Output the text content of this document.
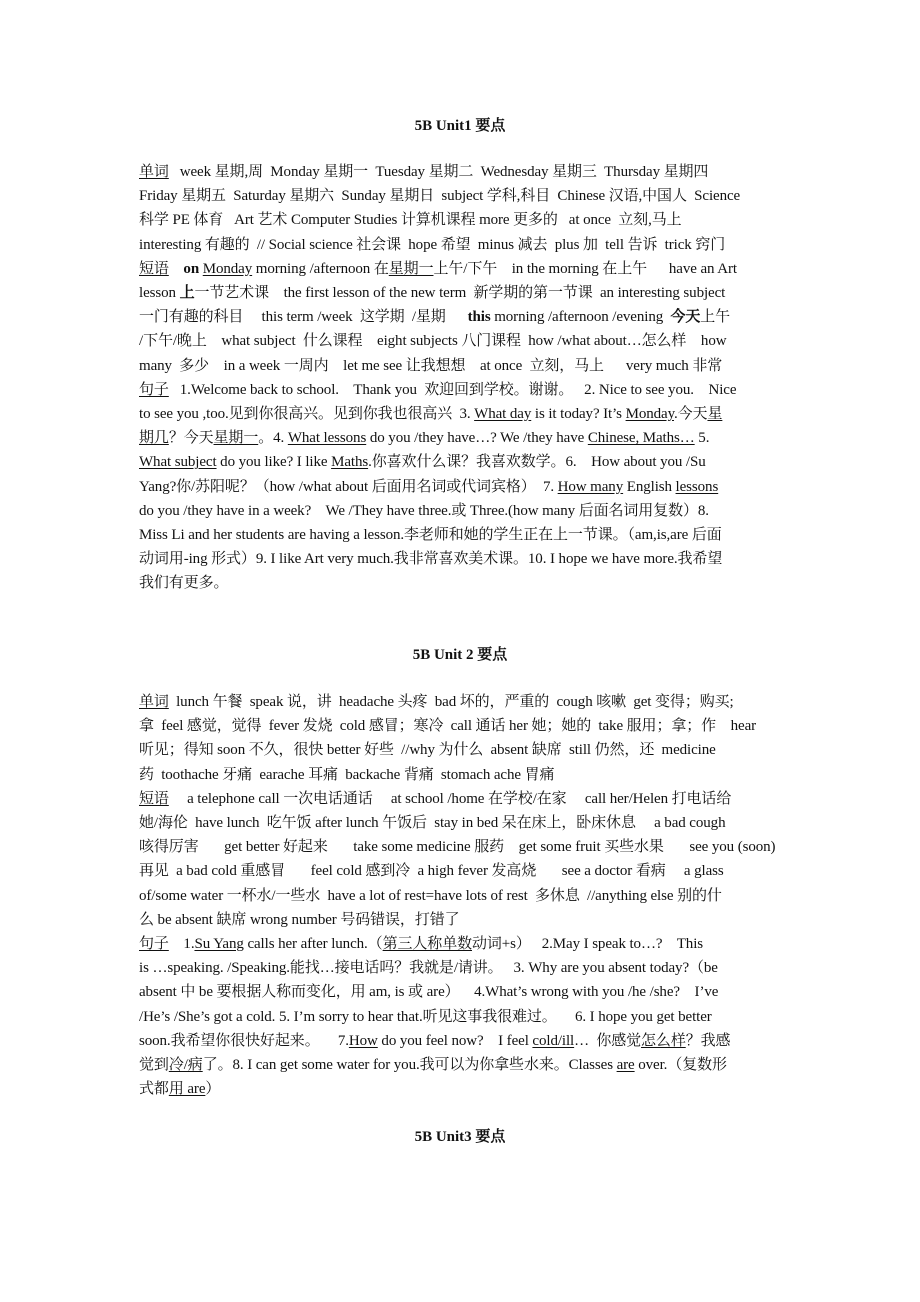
5B Unit1 要点
单词   week 星期,周  Monday 星期一  Tuesday 星期二  Wednesday 星期三  Thursday 星期四
Friday 星期五  Saturday 星期六  Sunday 星期日  subject 学科,科目  Chinese 汉语,中国人  Science
科学 PE 体育   Art 艺术 Computer Studies 计算机课程 more 更多的   at once  立刻,马上
interesting 有趣的  // Social science 社会课  hope 希望  minus 减去  plus 加  tell 告诉  trick 窍门
短语 on Monday morning /afternoon 在星期一上午/下午    in the morning 在上午      have an Art
lesson 上一节艺术课    the first lesson of the new term  新学期的第一节课  an interesting subject
一门有趣的科目     this term /week  这学期  /星期      this morning /afternoon /evening  今天上午
/下午/晚上    what subject  什么课程    eight subjects 八门课程  how /what about…怎么样    how
many  多少    in a week 一周内    let me see 让我想想    at once  立刻，马上      very much 非常
句子   1.Welcome back to school.    Thank you  欢迎回到学校。谢谢。   2. Nice to see you.    Nice
to see you ,too.见到你很高兴。见到你我也很高兴  3. What day is it today? It’s Monday.今天星
期几？今天星期一。4. What lessons do you /they have…? We /they have Chinese, Maths… 5.
What subject do you like? I like Maths.你喜欢什么课？我喜欢数学。6.    How about you /Su
Yang?你/苏阳呢？（how /what about 后面用名词或代词宾格）  7. How many English lessons
do you /they have in a week?    We /They have three.或 Three.(how many 后面名词用复数）8.
Miss Li and her students are having a lesson.李老师和她的学生正在上一节课。（am,is,are 后面
动词用-ing 形式）9. I like Art very much.我非常喜欢美术课。10. I hope we have more.我希望
我们有更多。
5B Unit 2 要点
单词  lunch 午餐  speak 说，讲  headache 头疼  bad 坏的，严重的  cough 咳嗽  get 变得；购买;
拿  feel 感觉，觉得  fever 发烧  cold 感冒；寒冷  call 通话 her 她；她的  take 服用；拿；作    hear
听见；得知 soon 不久，很快 better 好些  //why 为什么  absent 缺席  still 仍然，还  medicine
药  toothache 牙痛  earache 耳痛  backache 背痛  stomach ache 胃痛
短语     a telephone call 一次电话通话     at school /home 在学校/在家     call her/Helen 打电话给
她/海伦  have lunch  吃午饭 after lunch 午饭后  stay in bed 呆在床上，卧床休息     a bad cough
咳得厉害       get better 好起来       take some medicine 服药    get some fruit 买些水果       see you (soon)
再见  a bad cold 重感冒       feel cold 感到冷  a high fever 发高烧       see a doctor 看病     a glass
of/some water 一杯水/一些水  have a lot of rest=have lots of rest  多休息  //anything else 别的什
么 be absent 缺席 wrong number 号码错误，打错了
句子    1.Su Yang calls her after lunch.（第三人称单数动词+s）   2.May I speak to…?    This
is …speaking. /Speaking.能找…接电话吗？我就是/请讲。   3. Why are you absent today?（be
absent 中 be 要根据人称而变化，用 am, is 或 are）    4.What’s wrong with you /he /she?    I’ve
/He’s /She’s got a cold. 5. I’m sorry to hear that.听见这事我很难过。     6. I hope you get better
soon.我希望你很快好起来。     7.How do you feel now?    I feel cold/ill…  你感觉怎么样？我感
觉到冷/病了。8. I can get some water for you.我可以为你拿些水来。Classes are over.（复数形
式都用 are）
5B Unit3 要点
